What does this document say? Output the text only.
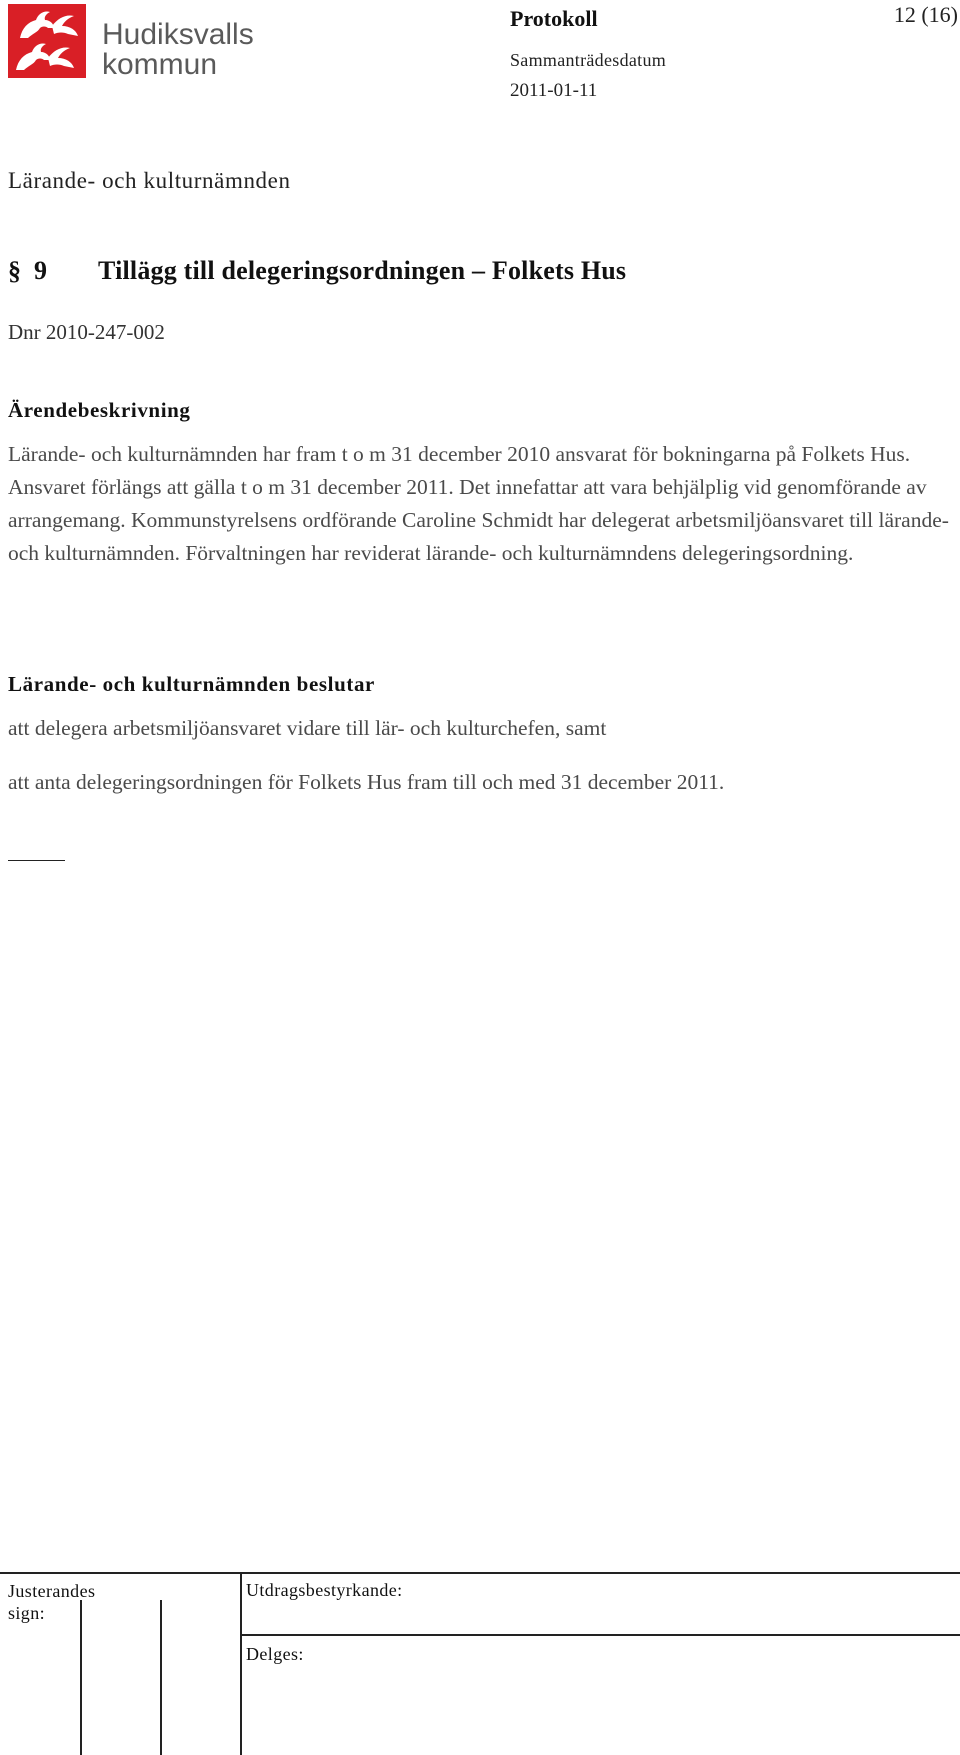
Hudiksvalls
kommun
Protokoll	12 (16)
Sammanträdesdatum
2011-01-11
Lärande- och kulturnämnden
§ 9 Tillägg till delegeringsordningen – Folkets Hus
Dnr 2010-247-002
Ärendebeskrivning

Lärande- och kulturnämnden har fram t o m 31 december 2010 ansvarat för bokningarna på Folkets Hus. Ansvaret förlängs att gälla t o m 31 december 2011. Det innefattar att vara behjälplig vid genomförande av arrangemang. Kommunstyrelsens ordförande Caroline Schmidt har delegerat arbetsmiljöansvaret till lärande- och kulturnämnden. Förvaltningen har reviderat lärande- och kulturnämndens delegeringsordning.

Lärande- och kulturnämnden beslutar

att delegera arbetsmiljöansvaret vidare till lär- och kulturchefen, samt

att anta delegeringsordningen för Folkets Hus fram till och med 31 december 2011.

Justerandes
sign:
Utdragsbestyrkande:
Delges:
